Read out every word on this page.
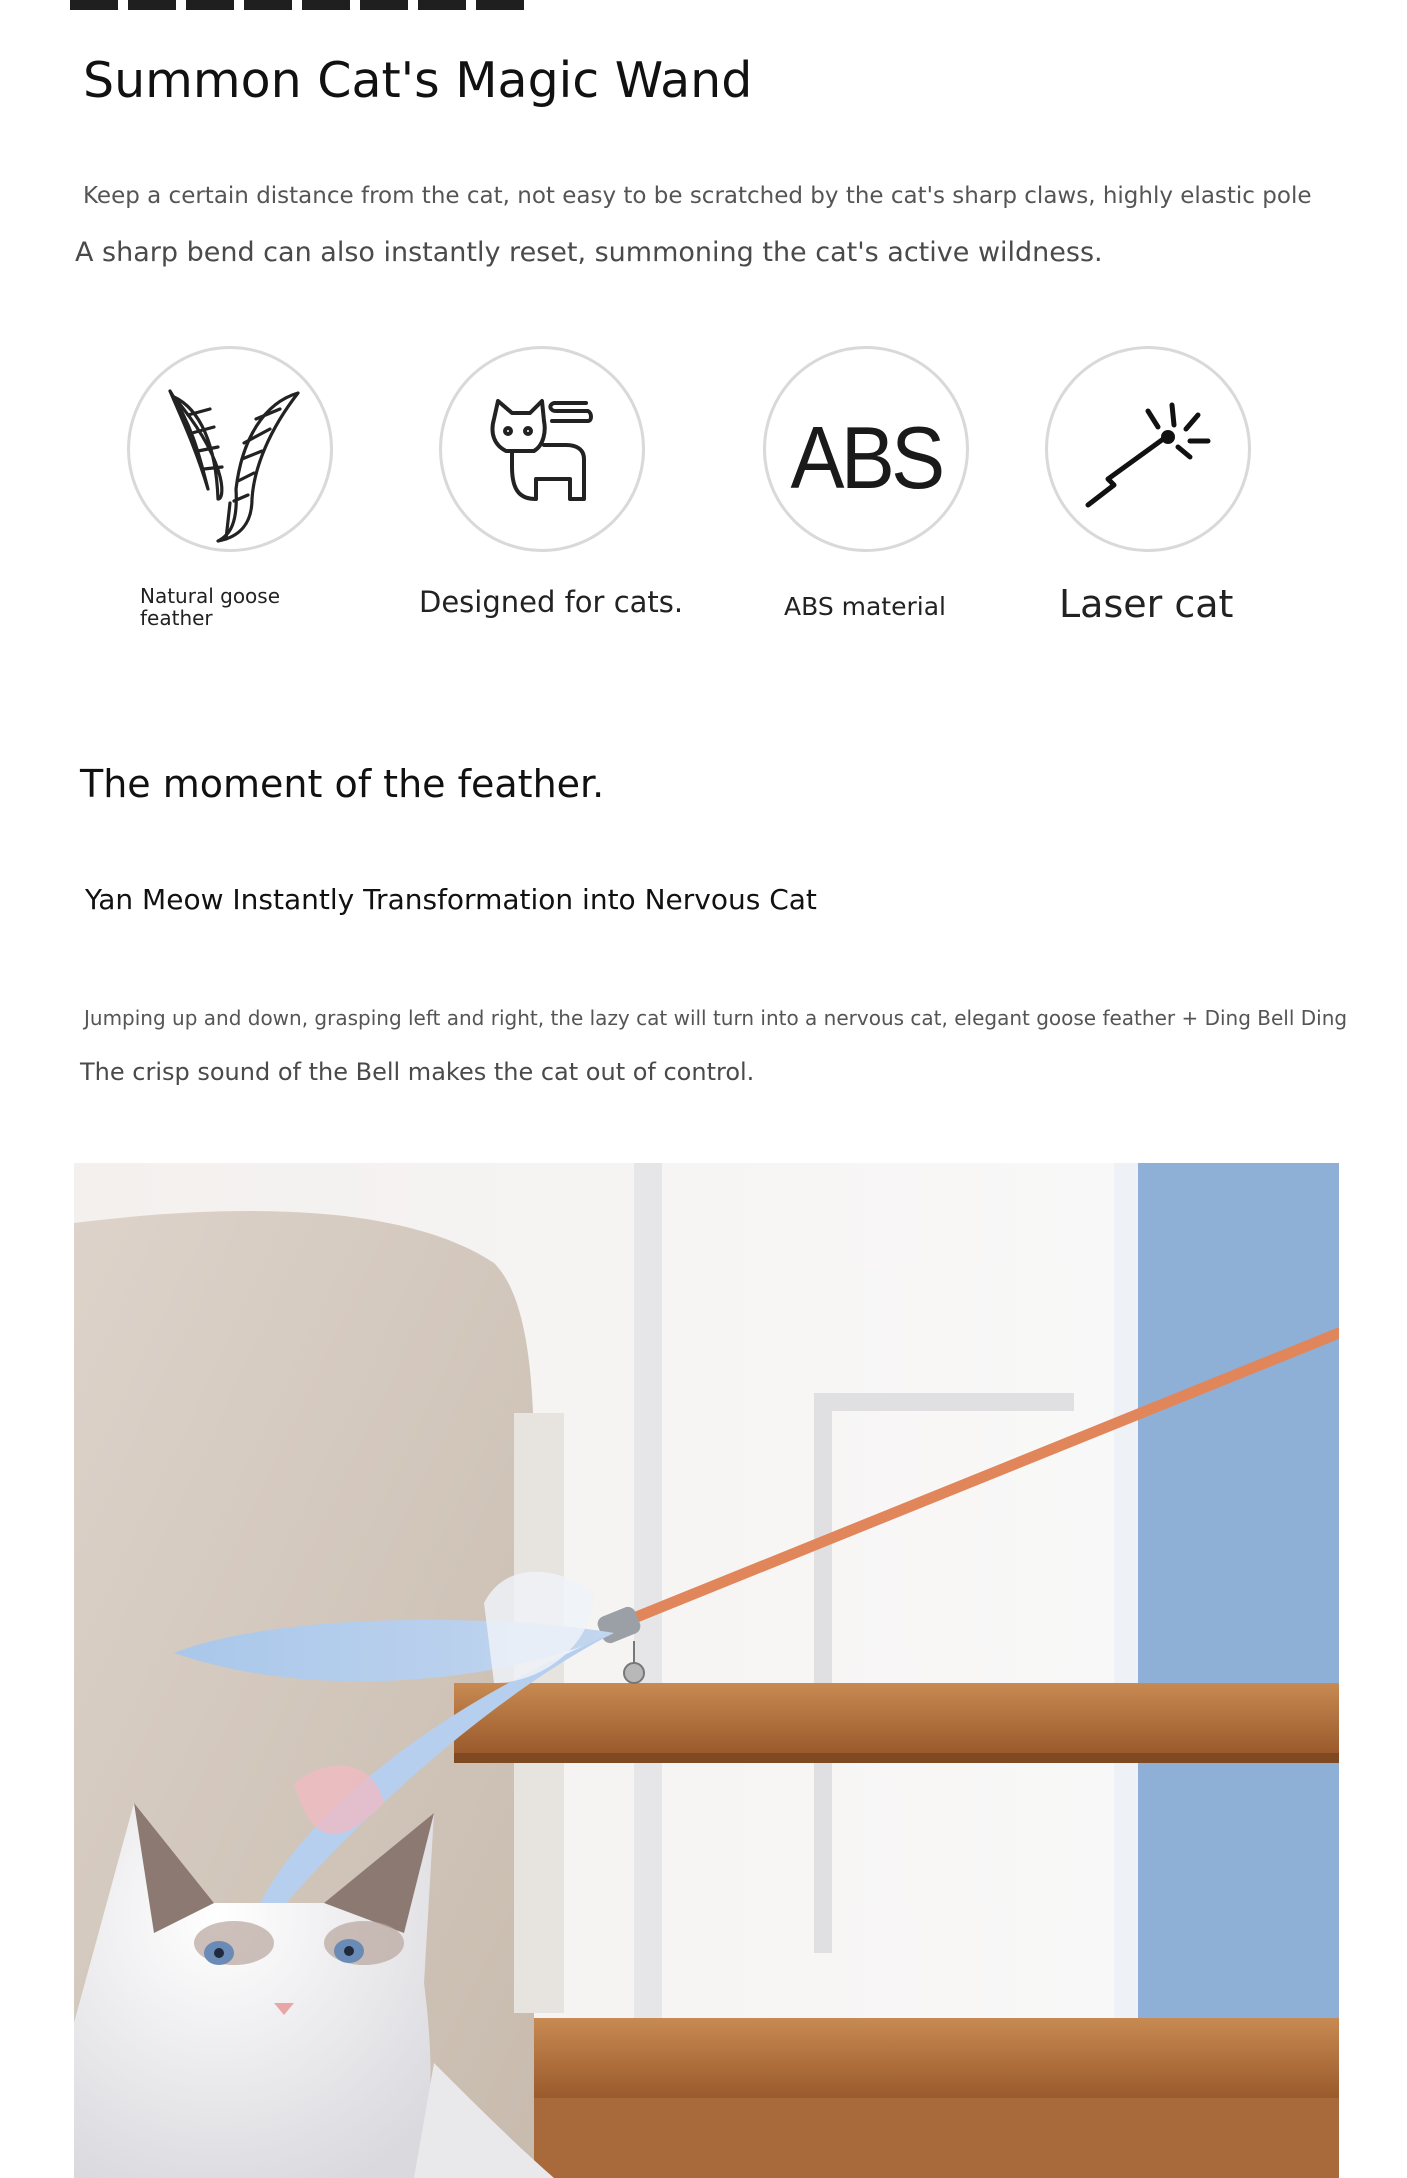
Summon Cat's Magic Wand
Keep a certain distance from the cat, not easy to be scratched by the cat's sharp claws, highly elastic pole
A sharp bend can also instantly reset, summoning the cat's active wildness.
ABS
Natural goose feather	Designed for cats.	ABS material	Laser cat
The moment of the feather.
Yan Meow Instantly Transformation into Nervous Cat
Jumping up and down, grasping left and right, the lazy cat will turn into a nervous cat, elegant goose feather + Ding Bell Ding
The crisp sound of the Bell makes the cat out of control.
